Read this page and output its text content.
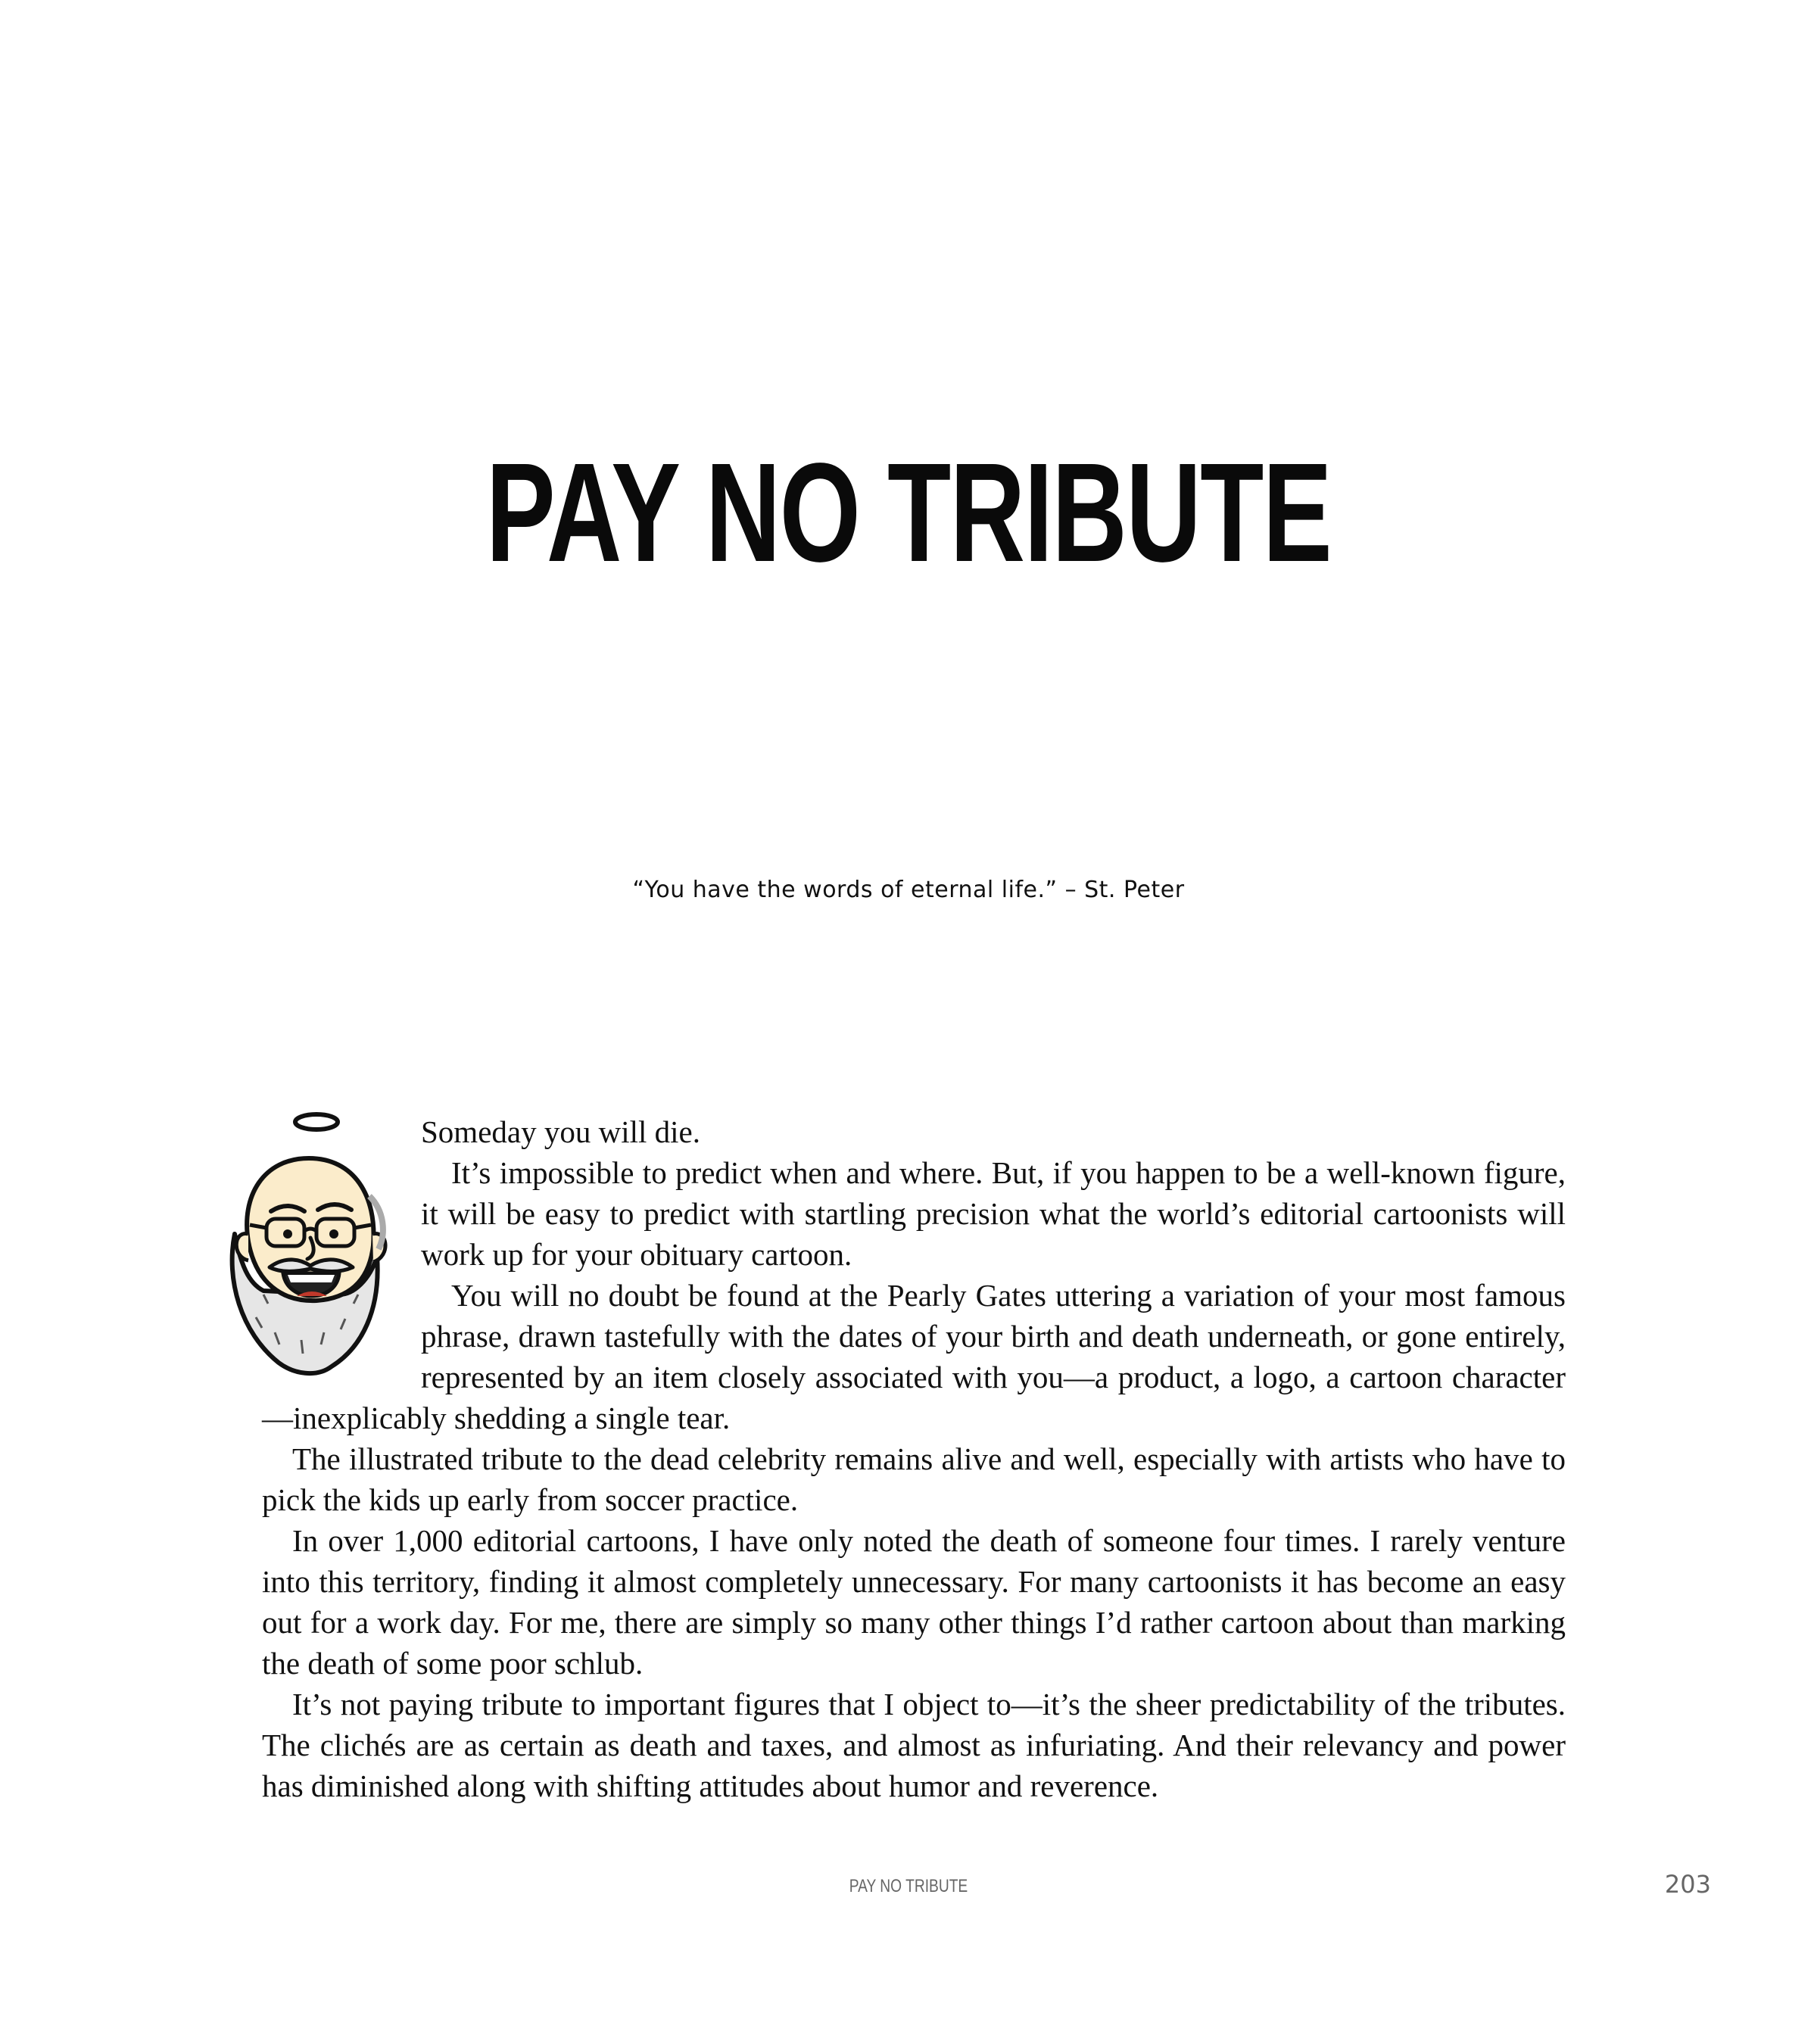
PAY NO TRIBUTE

“You have the words of eternal life.” – St. Peter

Someday you will die.

It’s impossible to predict when and where. But, if you happen to be a well-known figure, it will be easy to predict with startling precision what the world’s editorial cartoonists will work up for your obituary cartoon.

You will no doubt be found at the Pearly Gates uttering a variation of your most famous phrase, drawn tastefully with the dates of your birth and death underneath, or gone entirely, represented by an item closely associated with you—a product, a logo, a cartoon character—inexplicably shedding a single tear.

The illustrated tribute to the dead celebrity remains alive and well, especially with artists who have to pick the kids up early from soccer practice.

In over 1,000 editorial cartoons, I have only noted the death of someone four times. I rarely venture into this territory, finding it almost completely unnecessary. For many cartoonists it has become an easy out for a work day. For me, there are simply so many other things I’d rather cartoon about than marking the death of some poor schlub.

It’s not paying tribute to important figures that I object to—it’s the sheer predictability of the tributes. The clichés are as certain as death and taxes, and almost as infuriating. And their relevancy and power has diminished along with shifting attitudes about humor and reverence.

PAY NO TRIBUTE	203
